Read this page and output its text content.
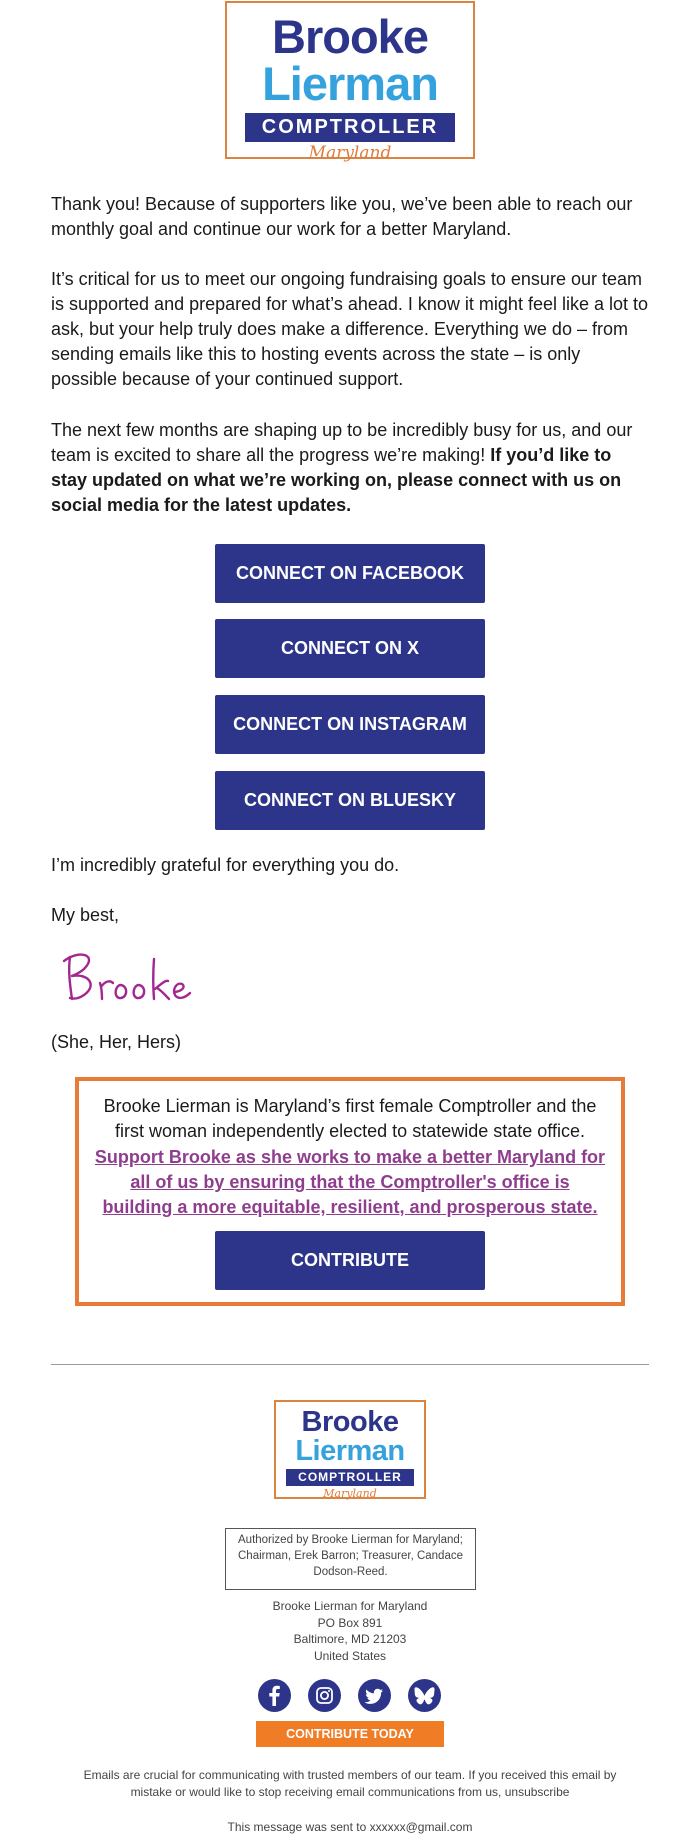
Brooke
Lierman
COMPTROLLER
Maryland
Thank you! Because of supporters like you, we’ve been able to reach our monthly goal and continue our work for a better Maryland.
It’s critical for us to meet our ongoing fundraising goals to ensure our team is supported and prepared for what’s ahead. I know it might feel like a lot to ask, but your help truly does make a difference. Everything we do – from sending emails like this to hosting events across the state – is only possible because of your continued support.
The next few months are shaping up to be incredibly busy for us, and our team is excited to share all the progress we’re making! If you’d like to stay updated on what we’re working on, please connect with us on social media for the latest updates.
CONNECT ON FACEBOOK
CONNECT ON X
CONNECT ON INSTAGRAM
CONNECT ON BLUESKY
I’m incredibly grateful for everything you do.
My best,
(She, Her, Hers)
Brooke Lierman is Maryland’s first female Comptroller and the first woman independently elected to statewide state office.
Support Brooke as she works to make a better Maryland for all of us by ensuring that the Comptroller's office is building a more equitable, resilient, and prosperous state.
CONTRIBUTE
Brooke
Lierman
COMPTROLLER
Maryland
Authorized by Brooke Lierman for Maryland; Chairman, Erek Barron; Treasurer, Candace Dodson-Reed.
Brooke Lierman for Maryland
PO Box 891
Baltimore, MD 21203
United States
CONTRIBUTE TODAY
Emails are crucial for communicating with trusted members of our team. If you received this email by mistake or would like to stop receiving email communications from us, unsubscribe
This message was sent to xxxxxx@gmail.com
